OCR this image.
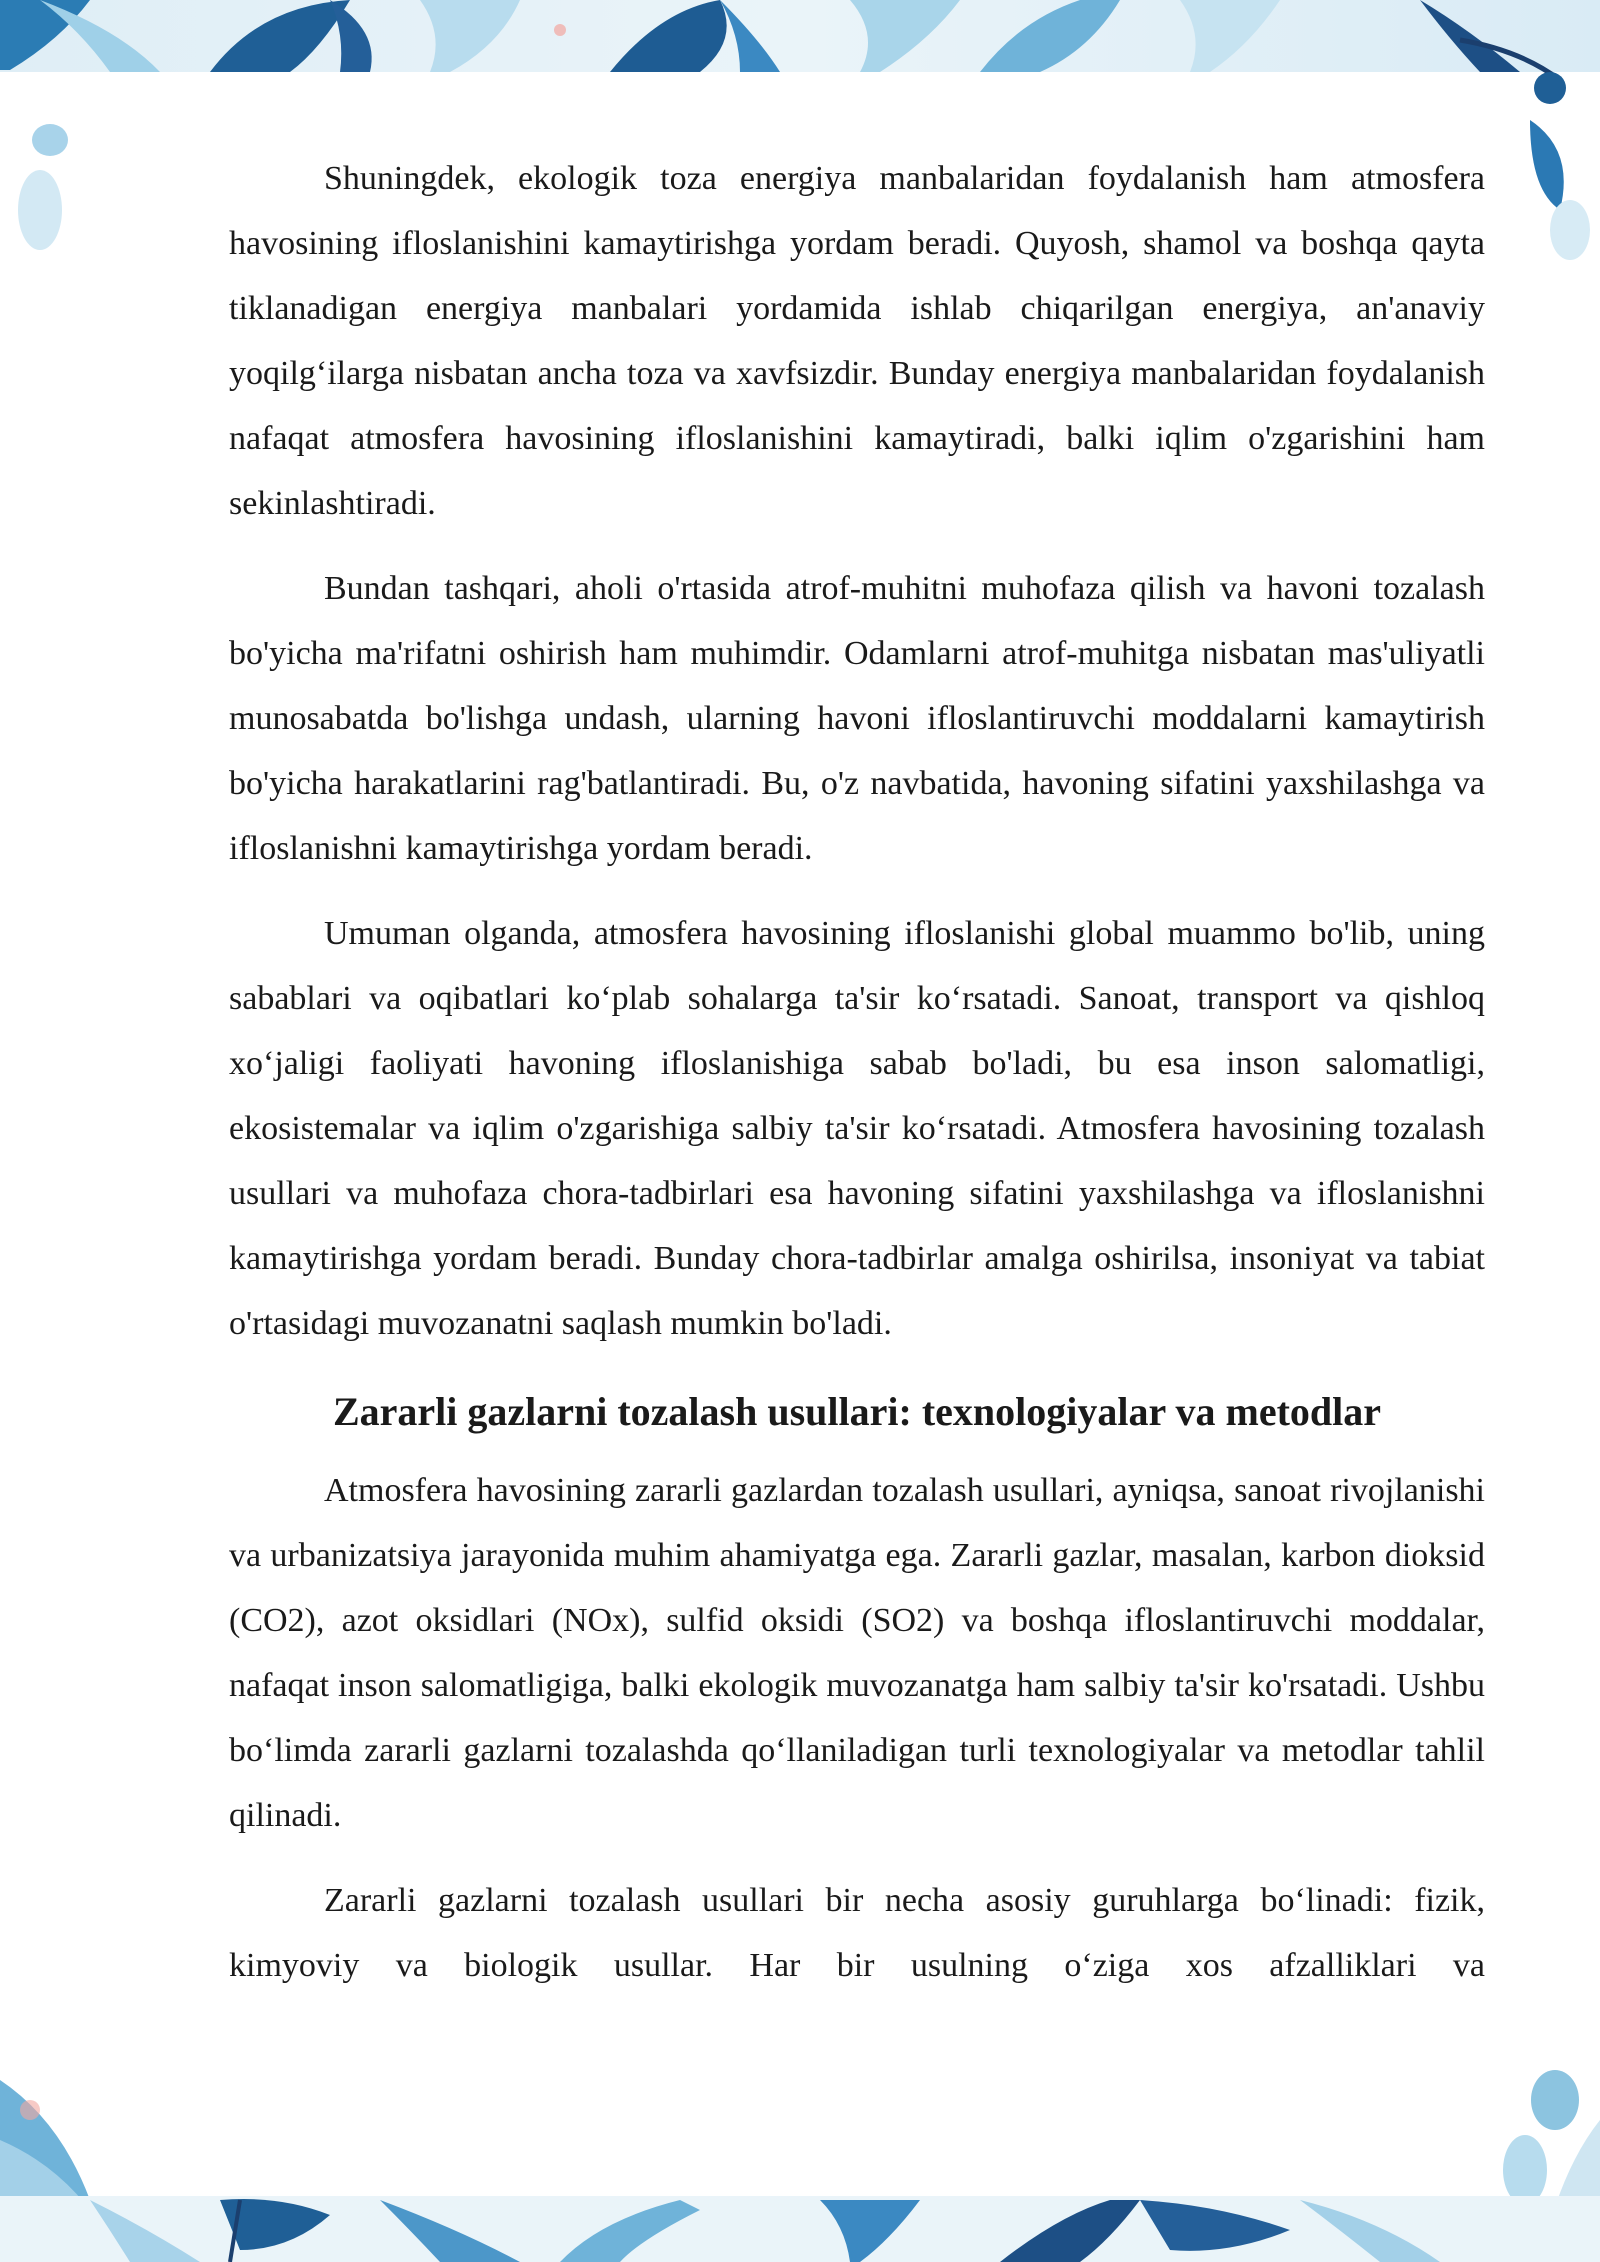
Shuningdek, ekologik toza energiya manbalaridan foydalanish ham atmosfera havosining ifloslanishini kamaytirishga yordam beradi. Quyosh, shamol va boshqa qayta tiklanadigan energiya manbalari yordamida ishlab chiqarilgan energiya, an'anaviy yoqilg‘ilarga nisbatan ancha toza va xavfsizdir. Bunday energiya manbalaridan foydalanish nafaqat atmosfera havosining ifloslanishini kamaytiradi, balki iqlim o'zgarishini ham sekinlashtiradi.

Bundan tashqari, aholi o'rtasida atrof-muhitni muhofaza qilish va havoni tozalash bo'yicha ma'rifatni oshirish ham muhimdir. Odamlarni atrof-muhitga nisbatan mas'uliyatli munosabatda bo'lishga undash, ularning havoni ifloslantiruvchi moddalarni kamaytirish bo'yicha harakatlarini rag'batlantiradi. Bu, o'z navbatida, havoning sifatini yaxshilashga va ifloslanishni kamaytirishga yordam beradi.

Umuman olganda, atmosfera havosining ifloslanishi global muammo bo'lib, uning sabablari va oqibatlari ko‘plab sohalarga ta'sir ko‘rsatadi. Sanoat, transport va qishloq xo‘jaligi faoliyati havoning ifloslanishiga sabab bo'ladi, bu esa inson salomatligi, ekosistemalar va iqlim o'zgarishiga salbiy ta'sir ko‘rsatadi. Atmosfera havosining tozalash usullari va muhofaza chora-tadbirlari esa havoning sifatini yaxshilashga va ifloslanishni kamaytirishga yordam beradi. Bunday chora-tadbirlar amalga oshirilsa, insoniyat va tabiat o'rtasidagi muvozanatni saqlash mumkin bo'ladi.

Zararli gazlarni tozalash usullari: texnologiyalar va metodlar

Atmosfera havosining zararli gazlardan tozalash usullari, ayniqsa, sanoat rivojlanishi va urbanizatsiya jarayonida muhim ahamiyatga ega. Zararli gazlar, masalan, karbon dioksid (CO2), azot oksidlari (NOx), sulfid oksidi (SO2) va boshqa ifloslantiruvchi moddalar, nafaqat inson salomatligiga, balki ekologik muvozanatga ham salbiy ta'sir ko'rsatadi. Ushbu bo‘limda zararli gazlarni tozalashda qo‘llaniladigan turli texnologiyalar va metodlar tahlil qilinadi.

Zararli gazlarni tozalash usullari bir necha asosiy guruhlarga bo‘linadi: fizik, kimyoviy va biologik usullar. Har bir usulning o‘ziga xos afzalliklari va
